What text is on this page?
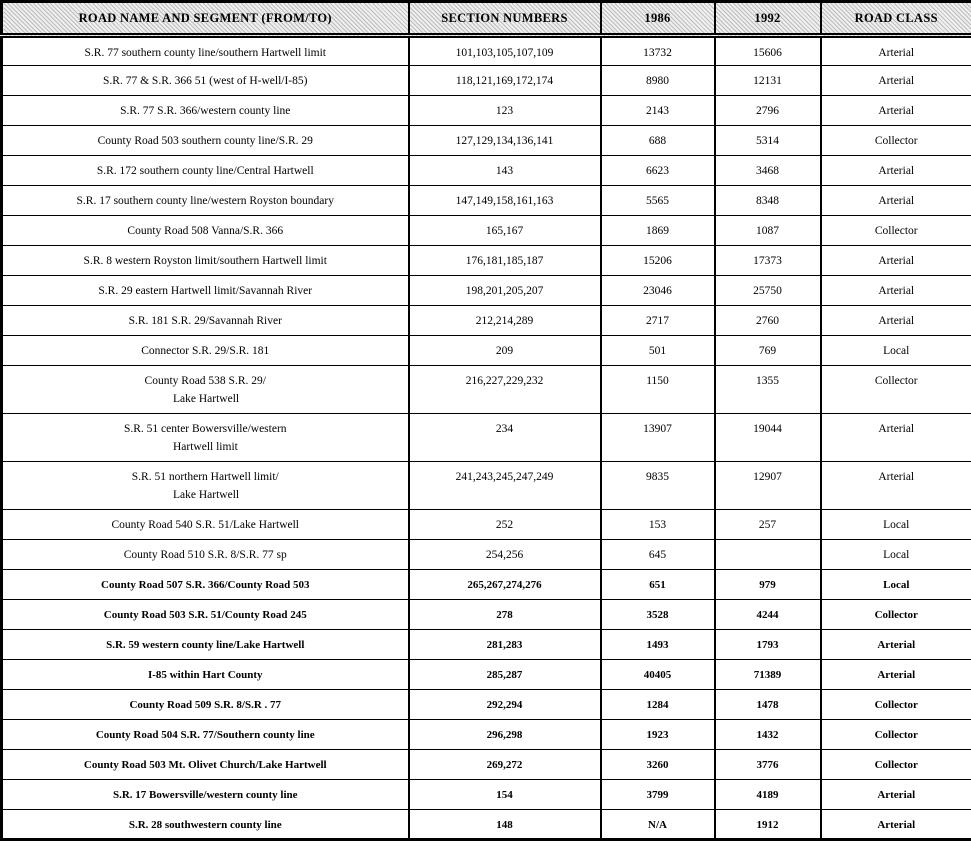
ROAD NAME AND SEGMENT (FROM/TO)	SECTION NUMBERS	1986	1992	ROAD CLASS

S.R. 77 southern county line/southern Hartwell limit	101,103,105,107,109	13732	15606	Arterial

S.R. 77 & S.R. 366 51 (west of H-well/I-85)	118,121,169,172,174	8980	12131	Arterial

S.R. 77 S.R. 366/western county line	123	2143	2796	Arterial

County Road 503 southern county line/S.R. 29	127,129,134,136,141	688	5314	Collector

S.R. 172 southern county line/Central Hartwell	143	6623	3468	Arterial

S.R. 17 southern county line/western Royston boundary	147,149,158,161,163	5565	8348	Arterial

County Road 508 Vanna/S.R. 366	165,167	1869	1087	Collector

S.R. 8 western Royston limit/southern Hartwell limit	176,181,185,187	15206	17373	Arterial

S.R. 29 eastern Hartwell limit/Savannah River	198,201,205,207	23046	25750	Arterial

S.R. 181 S.R. 29/Savannah River	212,214,289	2717	2760	Arterial

Connector S.R. 29/S.R. 181	209	501	769	Local

County Road 538 S.R. 29/
Lake Hartwell	216,227,229,232	1150	1355	Collector

S.R. 51 center Bowersville/western
Hartwell limit	234	13907	19044	Arterial

S.R. 51 northern Hartwell limit/
Lake Hartwell	241,243,245,247,249	9835	12907	Arterial

County Road 540 S.R. 51/Lake Hartwell	252	153	257	Local

County Road 510 S.R. 8/S.R. 77 sp	254,256	645		Local

County Road 507 S.R. 366/County Road 503	265,267,274,276	651	979	Local

County Road 503 S.R. 51/County Road 245	278	3528	4244	Collector

S.R. 59 western county line/Lake Hartwell	281,283	1493	1793	Arterial

I-85 within Hart County	285,287	40405	71389	Arterial

County Road 509 S.R. 8/S.R . 77	292,294	1284	1478	Collector

County Road 504 S.R. 77/Southern county line	296,298	1923	1432	Collector

County Road 503 Mt. Olivet Church/Lake Hartwell	269,272	3260	3776	Collector

S.R. 17 Bowersville/western county line	154	3799	4189	Arterial

S.R. 28 southwestern county line	148	N/A	1912	Arterial
